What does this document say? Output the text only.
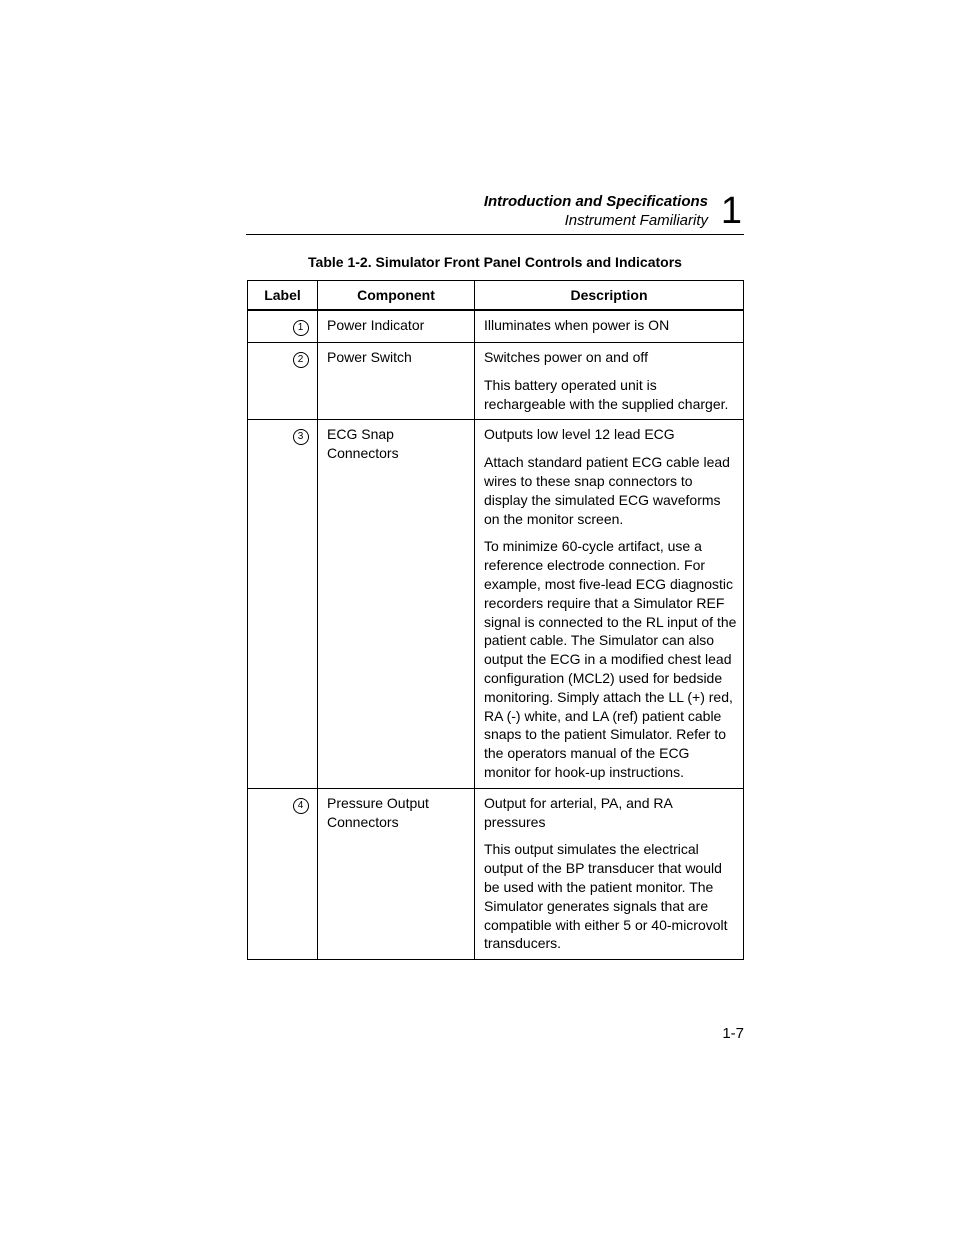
Introduction and Specifications
Instrument Familiarity 1
Table 1-2. Simulator Front Panel Controls and Indicators
Label	Component	Description
1	Power Indicator	Illuminates when power is ON

2	Power Switch	Switches power on and off

This battery operated unit is rechargeable with the supplied charger.

3	ECG Snap Connectors	Outputs low level 12 lead ECG

Attach standard patient ECG cable lead wires to these snap connectors to display the simulated ECG waveforms on the monitor screen.

To minimize 60-cycle artifact, use a reference electrode connection. For example, most five-lead ECG diagnostic recorders require that a Simulator REF signal is connected to the RL input of the patient cable. The Simulator can also output the ECG in a modified chest lead configuration (MCL2) used for bedside monitoring. Simply attach the LL (+) red, RA (-) white, and LA (ref) patient cable snaps to the patient Simulator. Refer to the operators manual of the ECG monitor for hook-up instructions.

4	Pressure Output Connectors	Output for arterial, PA, and RA pressures

This output simulates the electrical output of the BP transducer that would be used with the patient monitor. The Simulator generates signals that are compatible with either 5 or 40-microvolt transducers.

1-7
